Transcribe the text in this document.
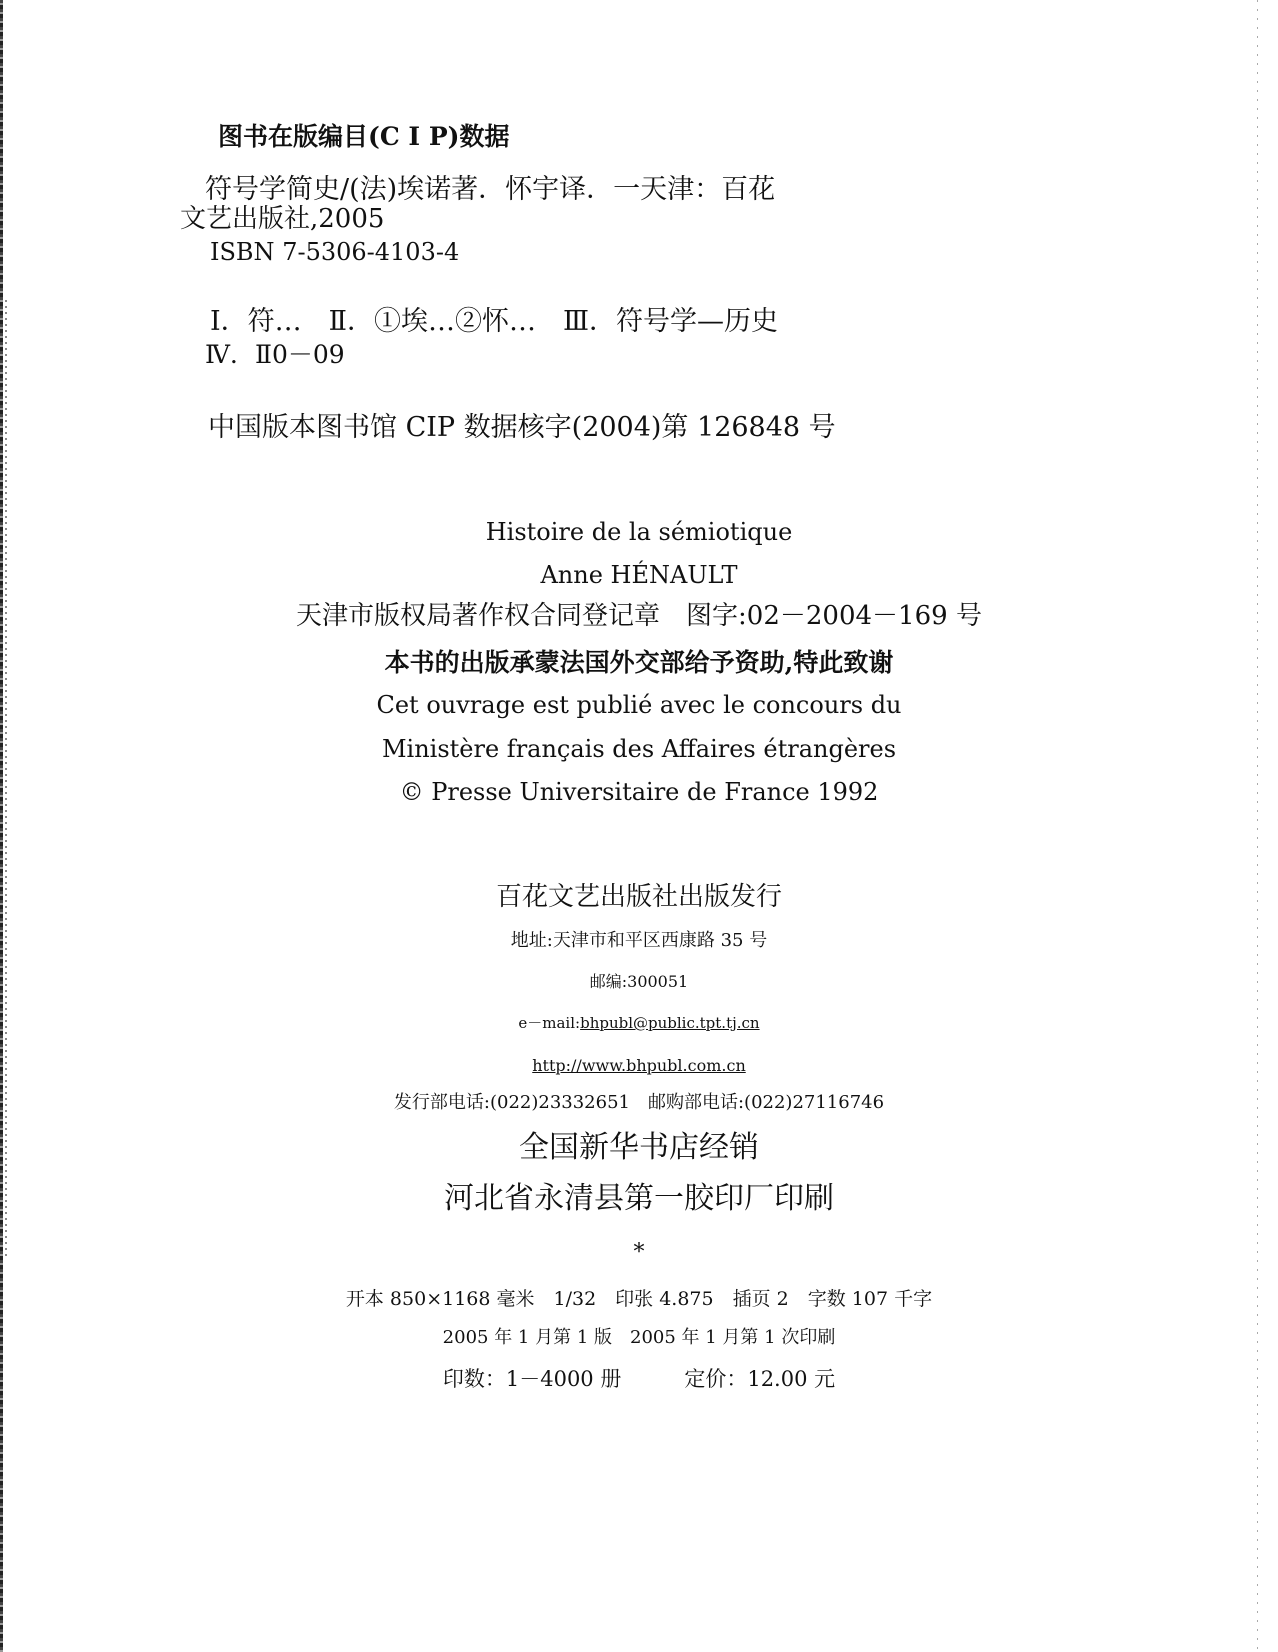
图书在版编目(C I P)数据
符号学简史/(法)埃诺著．怀宇译．一天津：百花
文艺出版社,2005
ISBN 7-5306-4103-4
Ⅰ．符…　Ⅱ．①埃…②怀…　Ⅲ．符号学—历史
Ⅳ．Ⅱ0－09
中国版本图书馆 CIP 数据核字(2004)第 126848 号
Histoire de la sémiotique
Anne HÉNAULT
天津市版权局著作权合同登记章　图字:02－2004－169 号
本书的出版承蒙法国外交部给予资助,特此致谢
Cet ouvrage est publié avec le concours du
Ministère français des Affaires étrangères
© Presse Universitaire de France 1992
百花文艺出版社出版发行
地址:天津市和平区西康路 35 号
邮编:300051
e－mail:bhpubl@public.tpt.tj.cn
http://www.bhpubl.com.cn
发行部电话:(022)23332651　邮购部电话:(022)27116746
全国新华书店经销
河北省永清县第一胶印厂印刷
*
开本 850×1168 毫米　1/32　印张 4.875　插页 2　字数 107 千字
2005 年 1 月第 1 版　2005 年 1 月第 1 次印刷
印数：1－4000 册　　　定价：12.00 元
